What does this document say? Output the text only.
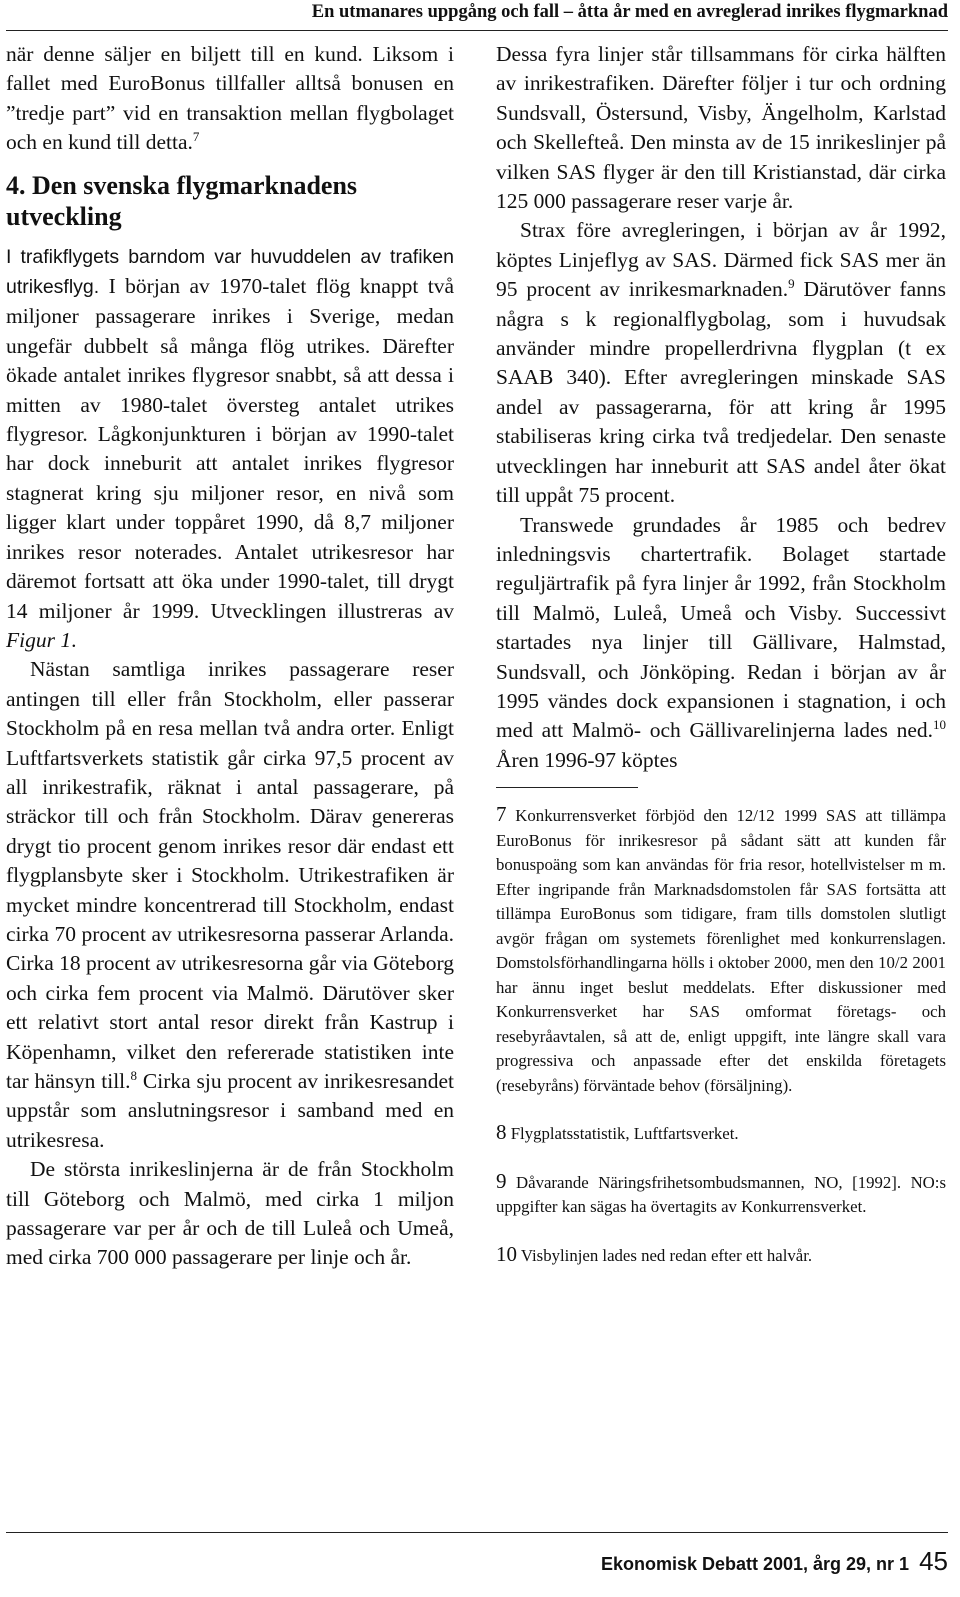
En utmanares uppgång och fall – åtta år med en avreglerad inrikes flygmarknad

när denne säljer en biljett till en kund. Liksom i fallet med EuroBonus tillfaller alltså bonusen en ”tredje part” vid en transaktion mellan flygbolaget och en kund till detta.$^7$

4. Den svenska flygmarknadens utveckling

I trafikflygets barndom var huvuddelen av trafiken utrikesflyg. I början av 1970-talet flög knappt två miljoner passagerare inrikes i Sverige, medan ungefär dubbelt så många flög utrikes. Därefter ökade antalet inrikes flygresor snabbt, så att dessa i mitten av 1980-talet översteg antalet utrikes flygresor. Lågkonjunkturen i början av 1990-talet har dock inneburit att antalet inrikes flygresor stagnerat kring sju miljoner resor, en nivå som ligger klart under toppåret 1990, då 8,7 miljoner inrikes resor noterades. Antalet utrikesresor har däremot fortsatt att öka under 1990-talet, till drygt 14 miljoner år 1999. Utvecklingen illustreras av Figur 1.

Nästan samtliga inrikes passagerare reser antingen till eller från Stockholm, eller passerar Stockholm på en resa mellan två andra orter. Enligt Luftfartsverkets statistik går cirka 97,5 procent av all inrikestrafik, räknat i antal passagerare, på sträckor till och från Stockholm. Därav genereras drygt tio procent genom inrikes resor där endast ett flygplansbyte sker i Stockholm. Utrikestrafiken är mycket mindre koncentrerad till Stockholm, endast cirka 70 procent av utrikesresorna passerar Arlanda. Cirka 18 procent av utrikesresorna går via Göteborg och cirka fem procent via Malmö. Därutöver sker ett relativt stort antal resor direkt från Kastrup i Köpenhamn, vilket den refererade statistiken inte tar hänsyn till.$^8$ Cirka sju procent av inrikesresandet uppstår som anslutningsresor i samband med en utrikesresa.

De största inrikeslinjerna är de från Stockholm till Göteborg och Malmö, med cirka 1 miljon passagerare var per år och de till Luleå och Umeå, med cirka 700 000 passagerare per linje och år.

Dessa fyra linjer står tillsammans för cirka hälften av inrikestrafiken. Därefter följer i tur och ordning Sundsvall, Östersund, Visby, Ängelholm, Karlstad och Skellefteå. Den minsta av de 15 inrikeslinjer på vilken SAS flyger är den till Kristianstad, där cirka 125 000 passagerare reser varje år.

Strax före avregleringen, i början av år 1992, köptes Linjeflyg av SAS. Därmed fick SAS mer än 95 procent av inrikesmarknaden.$^9$ Därutöver fanns några s k regionalflygbolag, som i huvudsak använder mindre propellerdrivna flygplan (t ex SAAB 340). Efter avregleringen minskade SAS andel av passagerarna, för att kring år 1995 stabiliseras kring cirka två tredjedelar. Den senaste utvecklingen har inneburit att SAS andel åter ökat till uppåt 75 procent.

Transwede grundades år 1985 och bedrev inledningsvis chartertrafik. Bolaget startade reguljärtrafik på fyra linjer år 1992, från Stockholm till Malmö, Luleå, Umeå och Visby. Successivt startades nya linjer till Gällivare, Halmstad, Sundsvall, och Jönköping. Redan i början av år 1995 vändes dock expansionen i stagnation, i och med att Malmö- och Gällivarelinjerna lades ned.$^{10}$ Åren 1996-97 köptes

7 Konkurrensverket förbjöd den 12/12 1999 SAS att tillämpa EuroBonus för inrikesresor på sådant sätt att kunden får bonuspoäng som kan användas för fria resor, hotellvistelser m m. Efter ingripande från Marknadsdomstolen får SAS fortsätta att tillämpa EuroBonus som tidigare, fram tills domstolen slutligt avgör frågan om systemets förenlighet med konkurrenslagen. Domstolsförhandlingarna hölls i oktober 2000, men den 10/2 2001 har ännu inget beslut meddelats. Efter diskussioner med Konkurrensverket har SAS omformat företags- och resebyråavtalen, så att de, enligt uppgift, inte längre skall vara progressiva och anpassade efter det enskilda företagets (resebyråns) förväntade behov (försäljning).

8 Flygplatsstatistik, Luftfartsverket.

9 Dåvarande Näringsfrihetsombudsmannen, NO, [1992]. NO:s uppgifter kan sägas ha övertagits av Konkurrensverket.

10 Visbylinjen lades ned redan efter ett halvår.

Ekonomisk Debatt 2001, årg 29, nr 1 45
